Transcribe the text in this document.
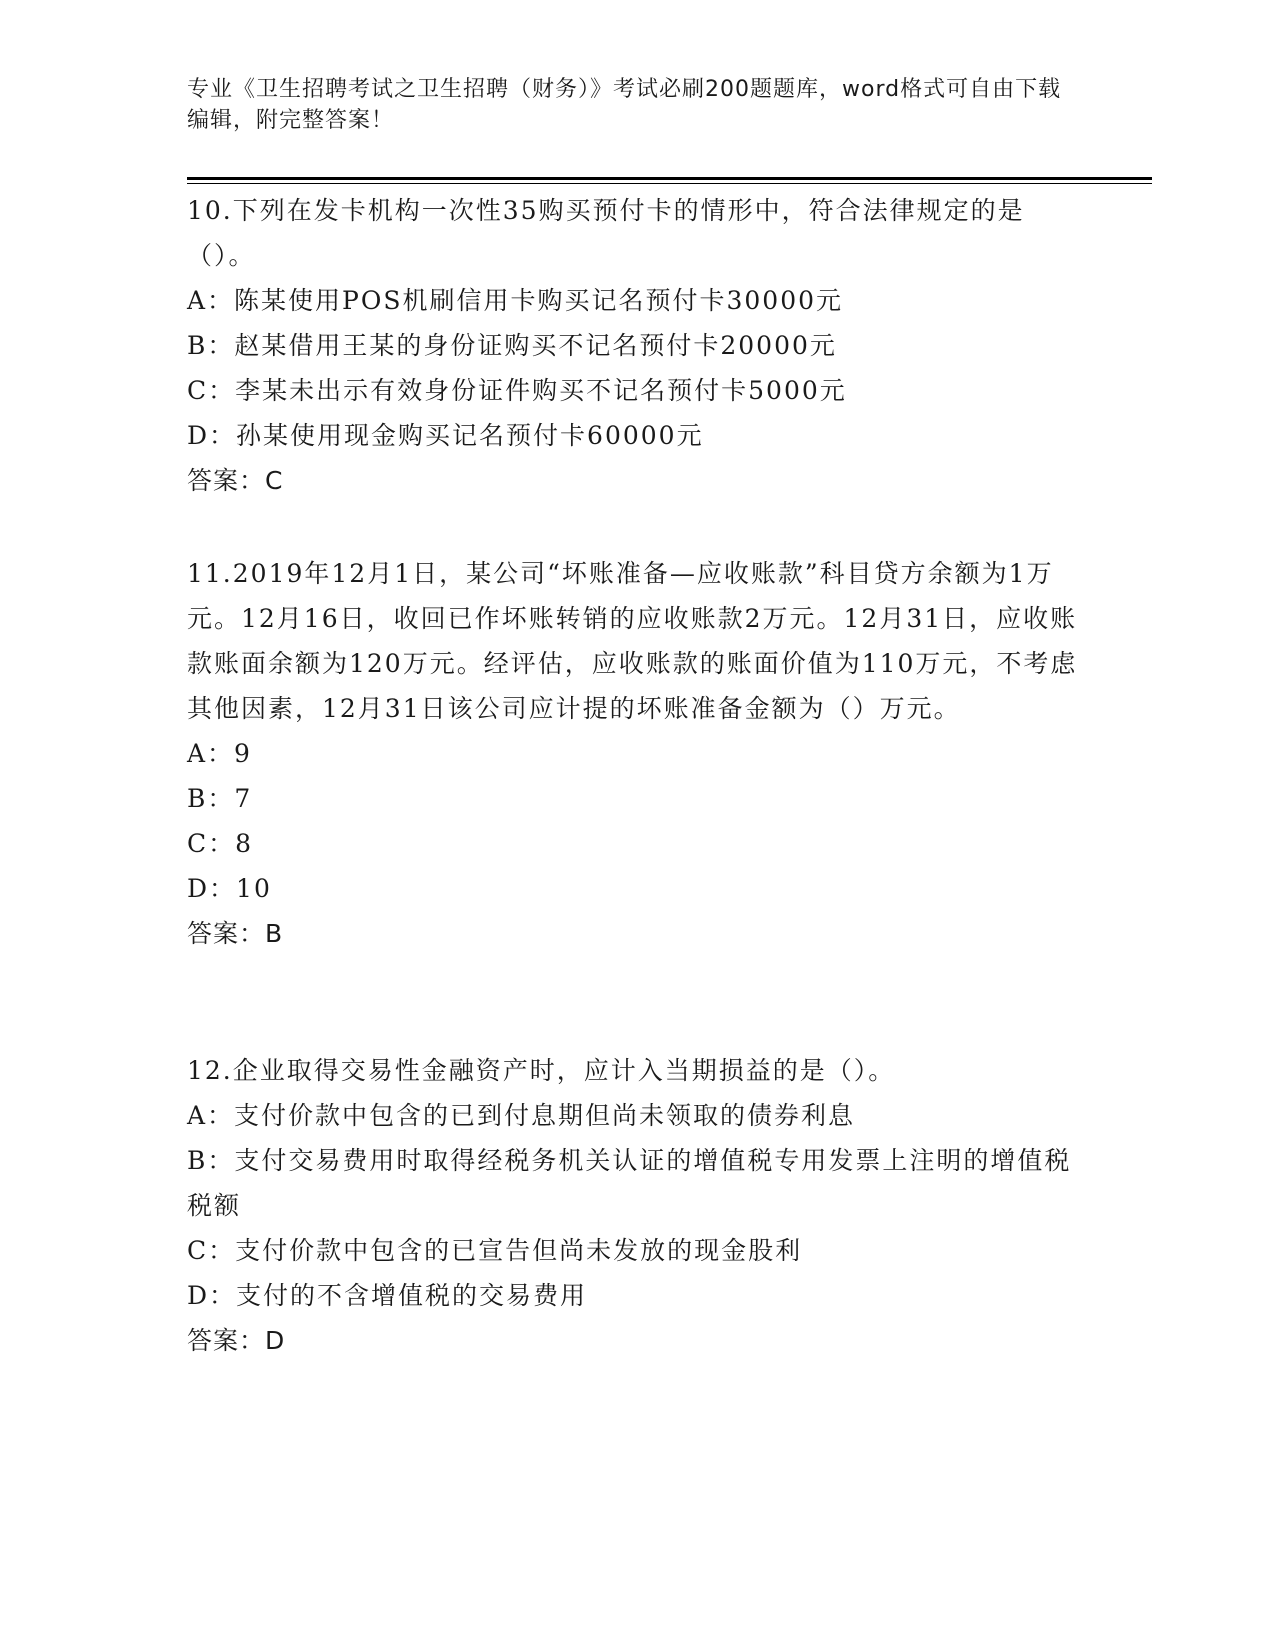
专业《卫生招聘考试之卫生招聘（财务）》考试必刷200题题库，word格式可自由下载编辑，附完整答案！

10.下列在发卡机构一次性35购买预付卡的情形中，符合法律规定的是（）。

A：陈某使用POS机刷信用卡购买记名预付卡30000元

B：赵某借用王某的身份证购买不记名预付卡20000元

C：李某未出示有效身份证件购买不记名预付卡5000元

D：孙某使用现金购买记名预付卡60000元

答案：C

11.2019年12月1日，某公司“坏账准备—应收账款”科目贷方余额为1万元。12月16日，收回已作坏账转销的应收账款2万元。12月31日，应收账款账面余额为120万元。经评估，应收账款的账面价值为110万元，不考虑其他因素，12月31日该公司应计提的坏账准备金额为（）万元。

A：9

B：7

C：8

D：10

答案：B

12.企业取得交易性金融资产时，应计入当期损益的是（）。

A：支付价款中包含的已到付息期但尚未领取的债券利息

B：支付交易费用时取得经税务机关认证的增值税专用发票上注明的增值税税额

C：支付价款中包含的已宣告但尚未发放的现金股利

D：支付的不含增值税的交易费用

答案：D
